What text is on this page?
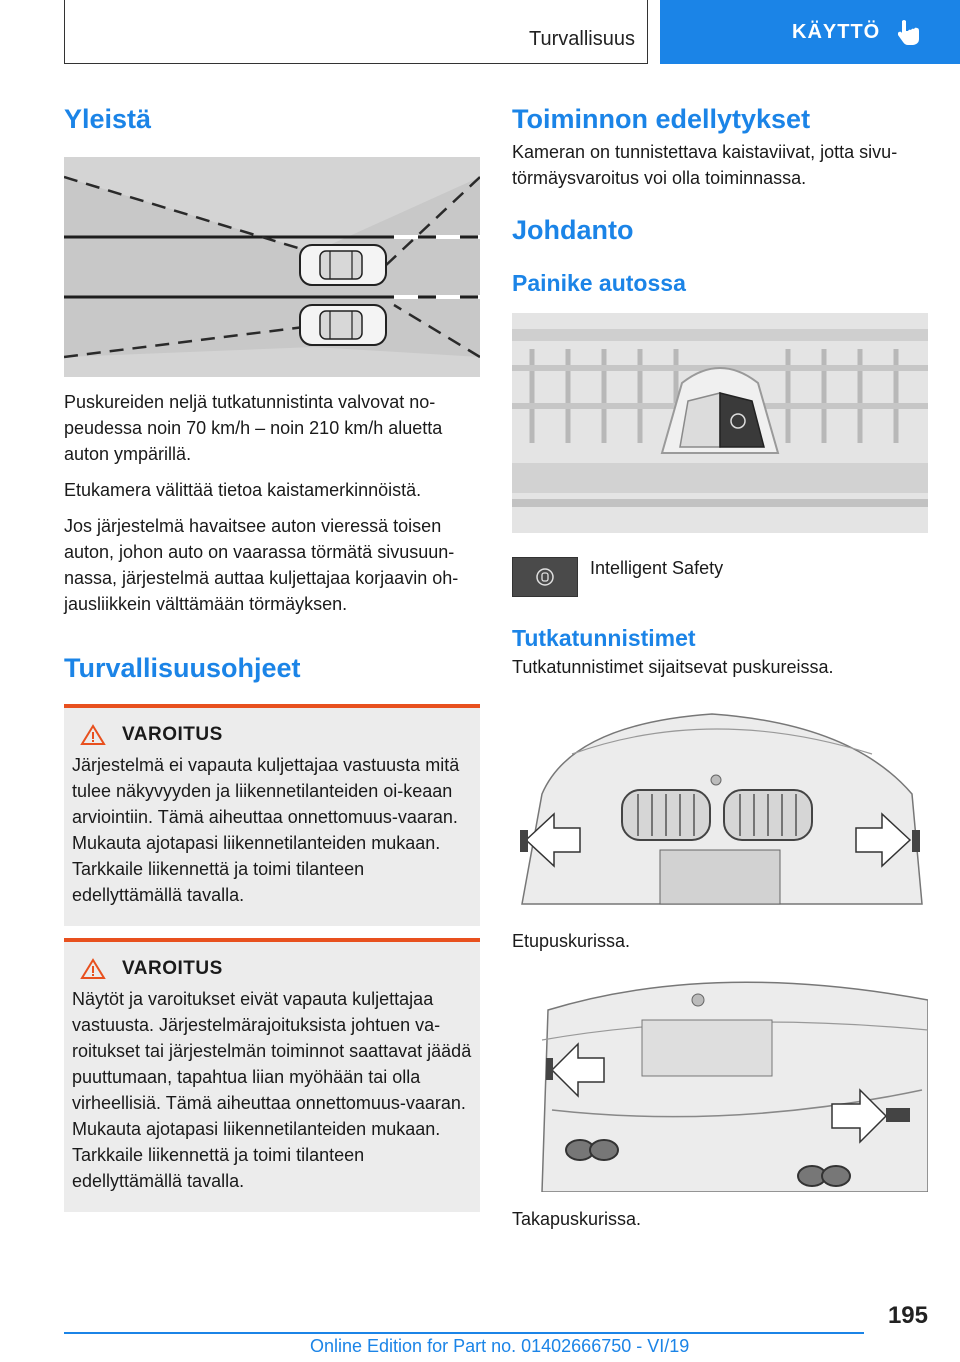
Turvallisuus	KÄYTTÖ
Yleistä

Puskureiden neljä tutkatunnistinta valvovat no-peudessa noin 70 km/h – noin 210 km/h aluetta auton ympärillä.

Etukamera välittää tietoa kaistamerkinnöistä.

Jos järjestelmä havaitsee auton vieressä toisen auton, johon auto on vaarassa törmätä sivusuun-nassa, järjestelmä auttaa kuljettajaa korjaavin oh-jausliikkein välttämään törmäyksen.

Turvallisuusohjeet
VAROITUS

Järjestelmä ei vapauta kuljettajaa vastuusta mitä tulee näkyvyyden ja liikennetilanteiden oi-keaan arviointiin. Tämä aiheuttaa onnettomuus-vaaran. Mukauta ajotapasi liikennetilanteiden mukaan. Tarkkaile liikennettä ja toimi tilanteen edellyttämällä tavalla.

VAROITUS

Näytöt ja varoitukset eivät vapauta kuljettajaa vastuusta. Järjestelmärajoituksista johtuen va-roitukset tai järjestelmän toiminnot saattavat jäädä puuttumaan, tapahtua liian myöhään tai olla virheellisiä. Tämä aiheuttaa onnettomuus-vaaran. Mukauta ajotapasi liikennetilanteiden mukaan. Tarkkaile liikennettä ja toimi tilanteen edellyttämällä tavalla.

Toiminnon edellytykset

Kameran on tunnistettava kaistaviivat, jotta sivu-törmäysvaroitus voi olla toiminnassa.

Johdanto
Painike autossa

Intelligent Safety

Tutkatunnistimet

Tutkatunnistimet sijaitsevat puskureissa.

Etupuskurissa.

Takapuskurissa.

195
Online Edition for Part no. 01402666750 - VI/19
